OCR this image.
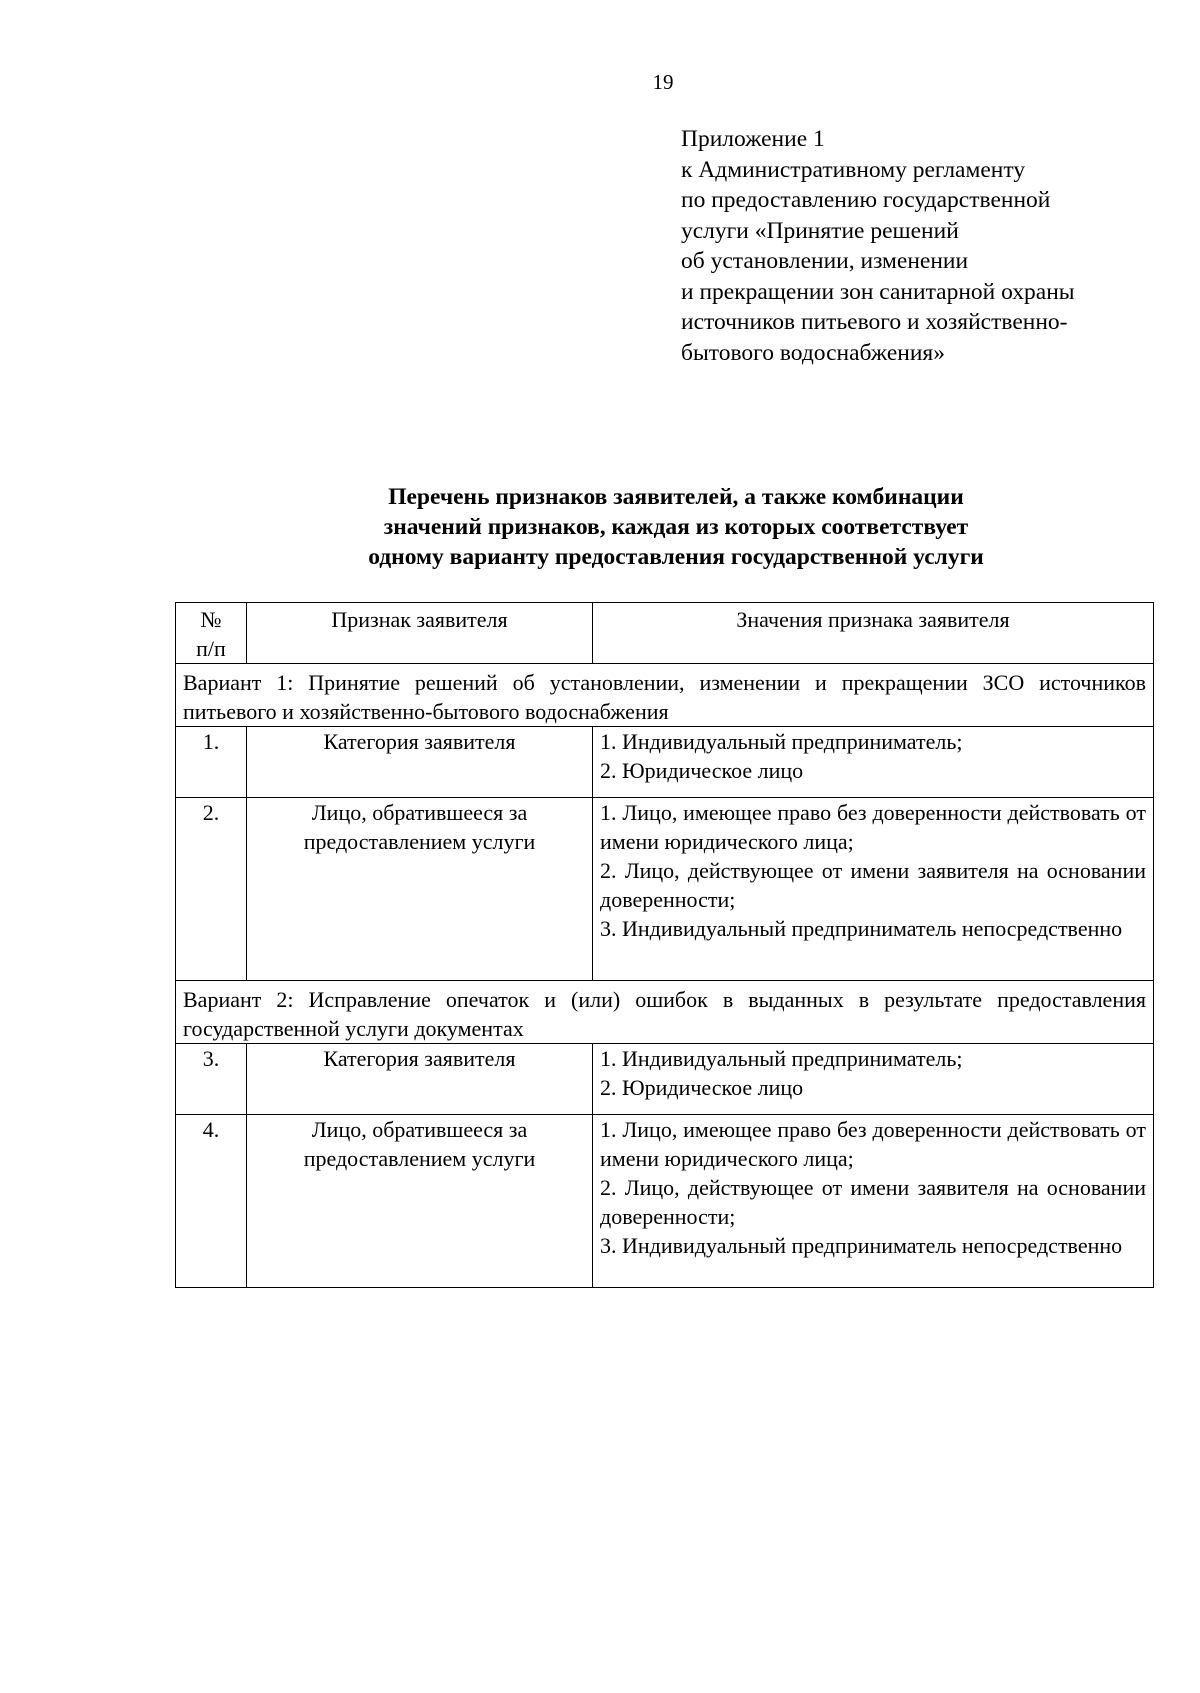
19
Приложение 1
к Административному регламенту
по предоставлению государственной
услуги «Принятие решений
об установлении, изменении
и прекращении зон санитарной охраны
источников питьевого и хозяйственно-
бытового водоснабжения»
Перечень признаков заявителей, а также комбинации
значений признаков, каждая из которых соответствует
одному варианту предоставления государственной услуги
№
п/п	Признак заявителя	Значения признака заявителя
Вариант 1: Принятие решений об установлении, изменении и прекращении ЗСО источников питьевого и хозяйственно-бытового водоснабжения		
1.	Категория заявителя	1. Индивидуальный предприниматель;
2. Юридическое лицо

2.	Лицо, обратившееся за предоставлением услуги	1. Лицо, имеющее право без доверенности действовать от имени юридического лица;
2. Лицо, действующее от имени заявителя на основании доверенности;
3. Индивидуальный предприниматель непосредственно

Вариант 2: Исправление опечаток и (или) ошибок в выданных в результате предоставления государственной услуги документах		
3.	Категория заявителя	1. Индивидуальный предприниматель;
2. Юридическое лицо

4.	Лицо, обратившееся за предоставлением услуги	1. Лицо, имеющее право без доверенности действовать от имени юридического лица;
2. Лицо, действующее от имени заявителя на основании доверенности;
3. Индивидуальный предприниматель непосредственно
